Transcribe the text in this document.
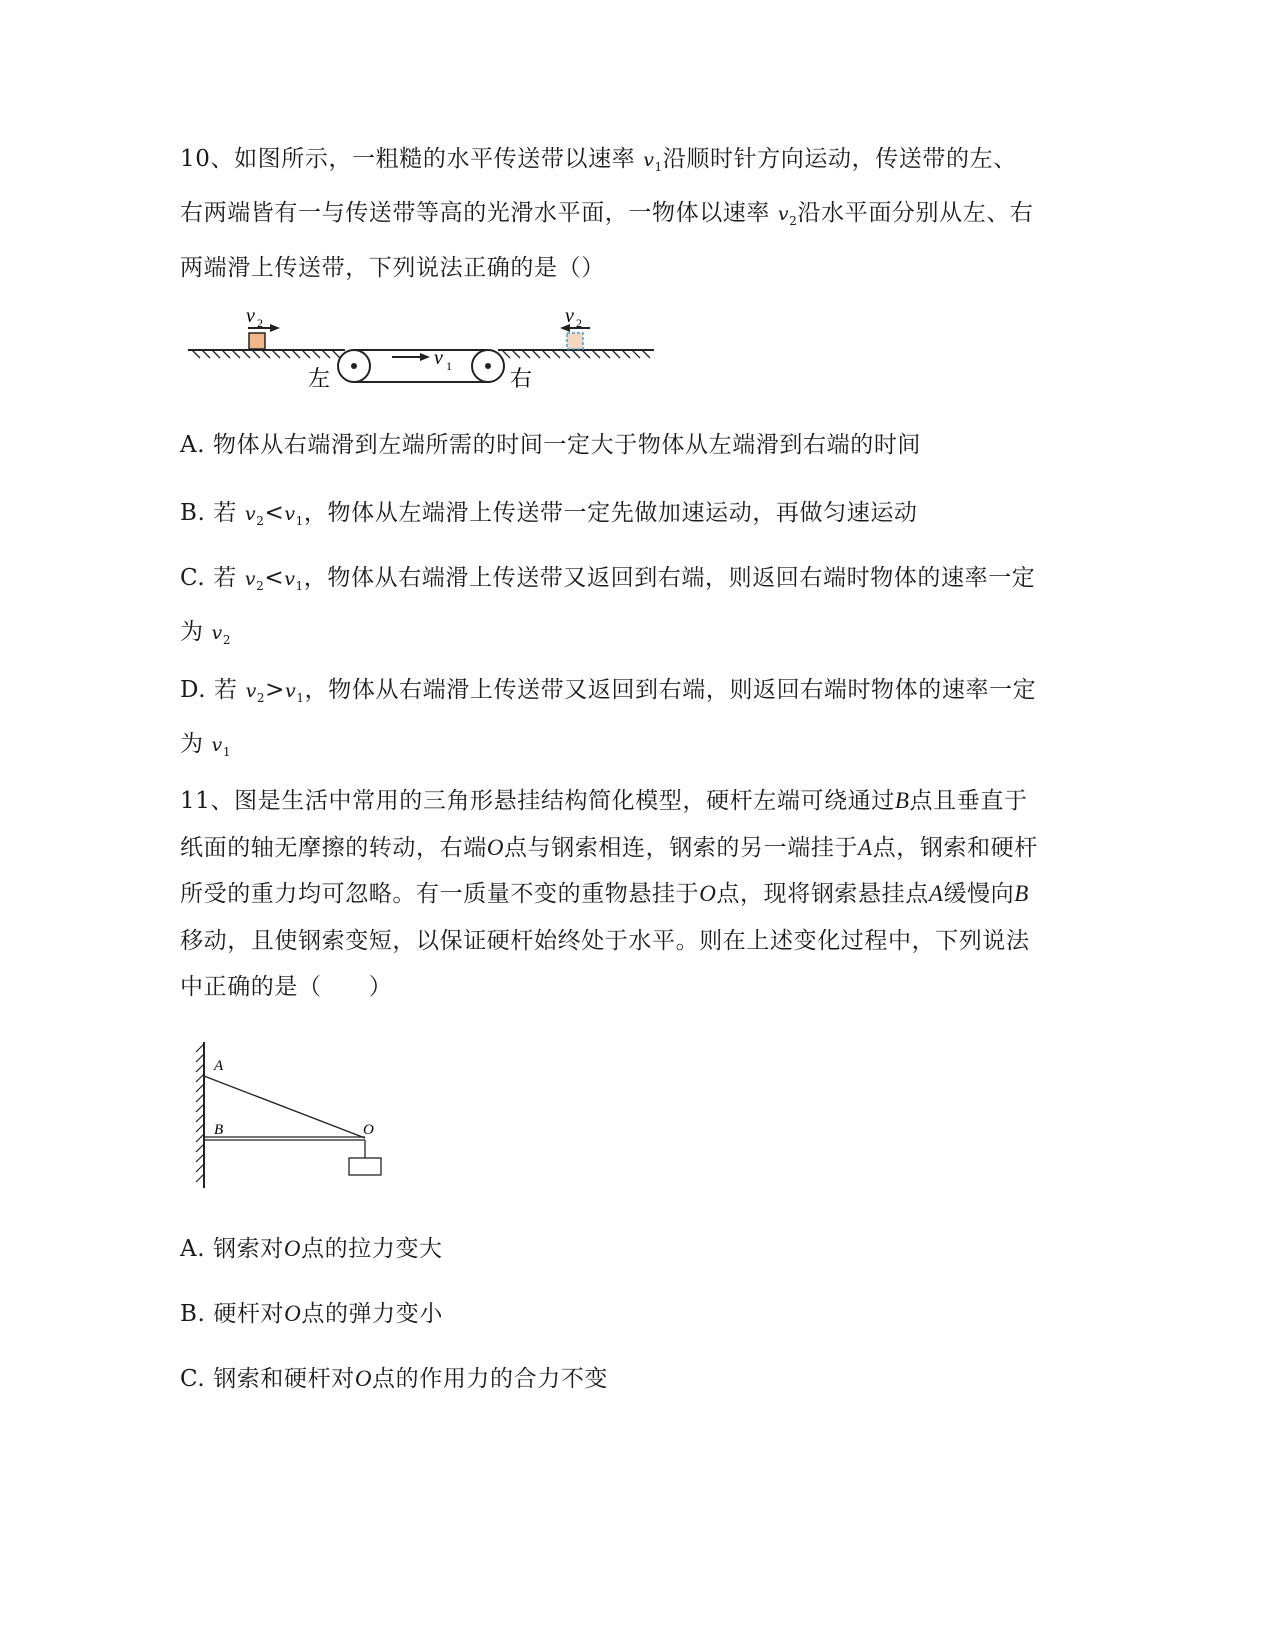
10、如图所示，一粗糙的水平传送带以速率 $v_1$沿顺时针方向运动，传送带的左、右两端皆有一与传送带等高的光滑水平面，一物体以速率 $v_2$沿水平面分别从左、右两端滑上传送带，下列说法正确的是（）
v 1
v 2	v 2
左	右
A. 物体从右端滑到左端所需的时间一定大于物体从左端滑到右端的时间
B. 若 $v_2<v_1$，物体从左端滑上传送带一定先做加速运动，再做匀速运动
C. 若 $v_2<v_1$，物体从右端滑上传送带又返回到右端，则返回右端时物体的速率一定
为 $v_2$
D. 若 $v_2>v_1$，物体从右端滑上传送带又返回到右端，则返回右端时物体的速率一定
为 $v_1$
11、图是生活中常用的三角形悬挂结构简化模型，硬杆左端可绕通过B点且垂直于纸面的轴无摩擦的转动，右端O点与钢索相连，钢索的另一端挂于A点，钢索和硬杆所受的重力均可忽略。有一质量不变的重物悬挂于O点，现将钢索悬挂点A缓慢向B移动，且使钢索变短，以保证硬杆始终处于水平。则在上述变化过程中，下列说法中正确的是（　　）
A
B	O
A. 钢索对O点的拉力变大
B. 硬杆对O点的弹力变小
C. 钢索和硬杆对O点的作用力的合力不变
